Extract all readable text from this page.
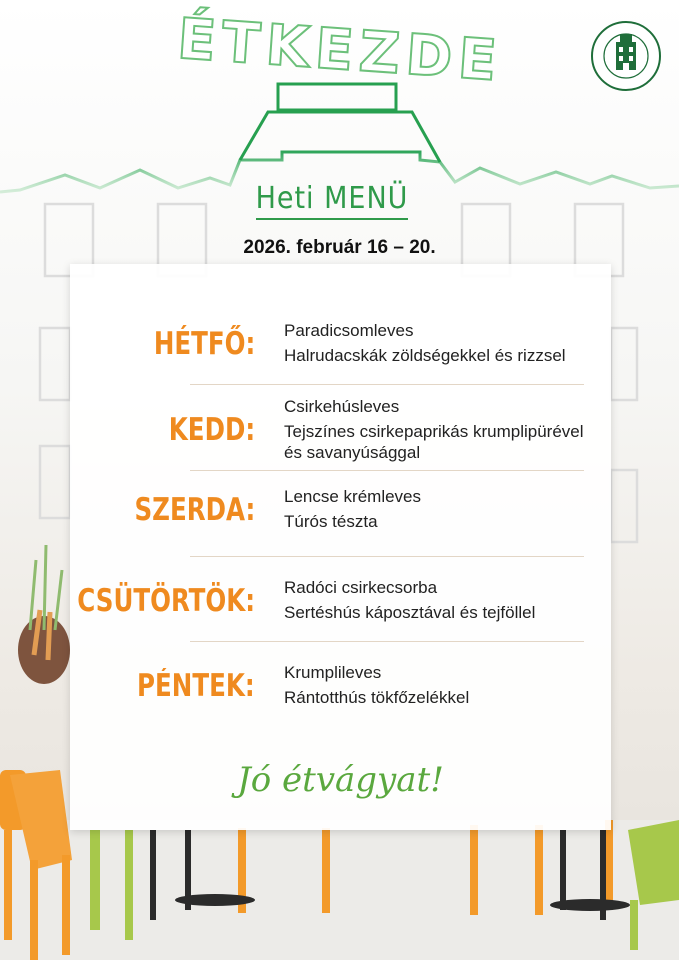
ÉTKEZDE
Heti MENÜ
2026. február 16 – 20.
HÉTFŐ: Paradicsomleves
Halrudacskák zöldségekkel és rizzsel
KEDD:
Csirkehúsleves
Tejszínes csirkepaprikás krumplipürével és savanyúsággal
SZERDA: Lencse krémleves
Túrós tészta
CSÜTÖRTÖK: Radóci csirkecsorba
Sertéshús káposztával és tejföllel
PÉNTEK: Krumplileves
Rántotthús tökfőzelékkel
Jó étvágyat!
